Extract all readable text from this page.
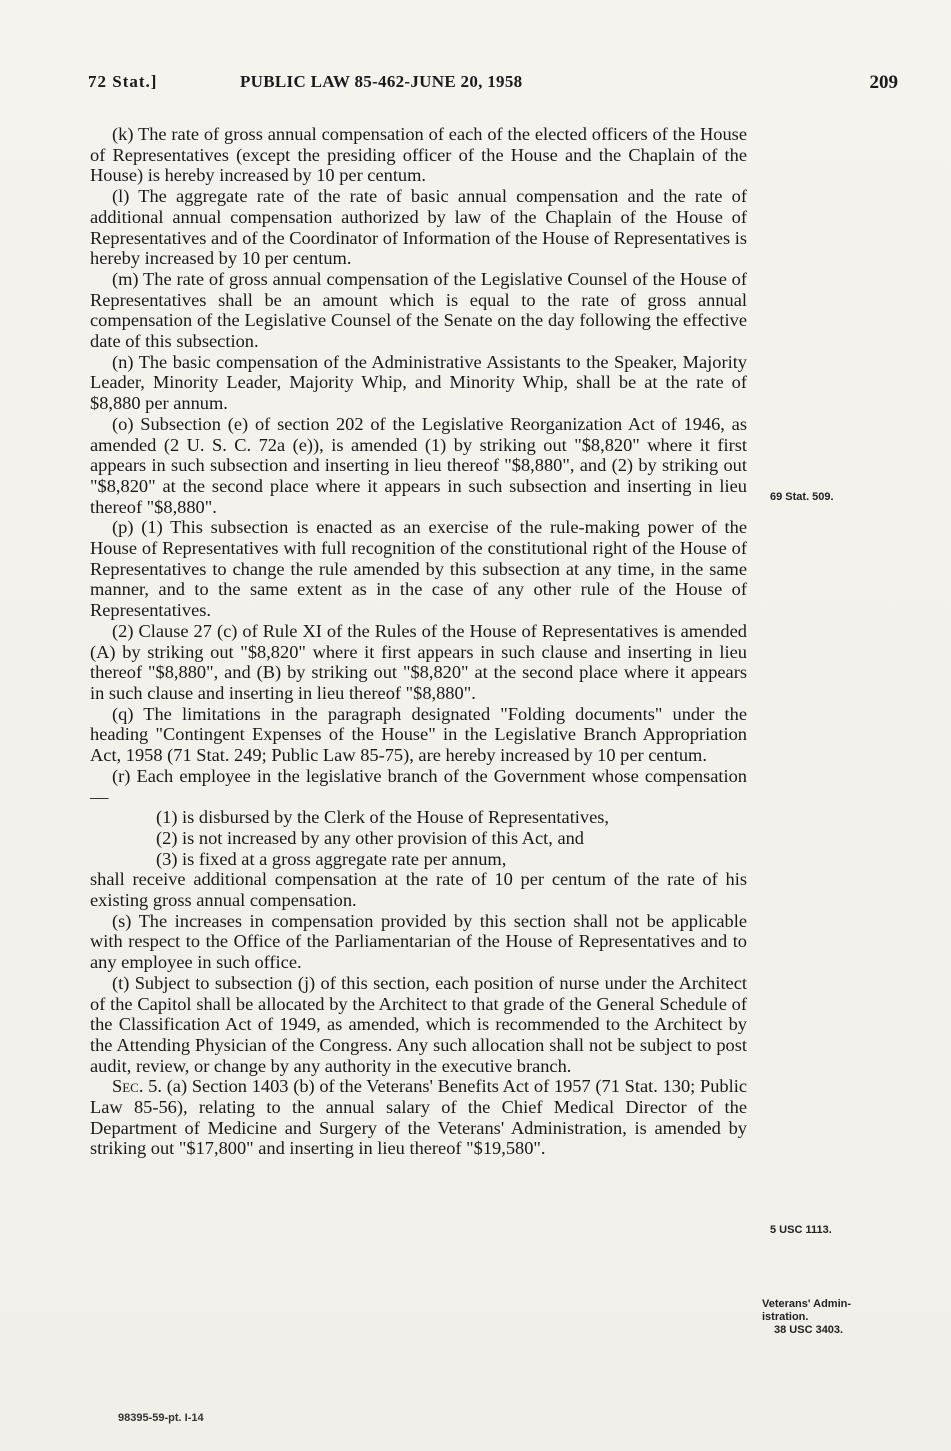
72 Stat.]	PUBLIC LAW 85-462-JUNE 20, 1958	209

(k) The rate of gross annual compensation of each of the elected officers of the House of Representatives (except the presiding officer of the House and the Chaplain of the House) is hereby increased by 10 per centum.

(l) The aggregate rate of the rate of basic annual compensation and the rate of additional annual compensation authorized by law of the Chaplain of the House of Representatives and of the Coordinator of Information of the House of Representatives is hereby increased by 10 per centum.

(m) The rate of gross annual compensation of the Legislative Counsel of the House of Representatives shall be an amount which is equal to the rate of gross annual compensation of the Legislative Counsel of the Senate on the day following the effective date of this subsection.

(n) The basic compensation of the Administrative Assistants to the Speaker, Majority Leader, Minority Leader, Majority Whip, and Minority Whip, shall be at the rate of $8,880 per annum.

(o) Subsection (e) of section 202 of the Legislative Reorganization Act of 1946, as amended (2 U. S. C. 72a (e)), is amended (1) by striking out "$8,820" where it first appears in such subsection and inserting in lieu thereof "$8,880", and (2) by striking out "$8,820" at the second place where it appears in such subsection and inserting in lieu thereof "$8,880".

(p) (1) This subsection is enacted as an exercise of the rule-making power of the House of Representatives with full recognition of the constitutional right of the House of Representatives to change the rule amended by this subsection at any time, in the same manner, and to the same extent as in the case of any other rule of the House of Representatives.

(2) Clause 27 (c) of Rule XI of the Rules of the House of Representatives is amended (A) by striking out "$8,820" where it first appears in such clause and inserting in lieu thereof "$8,880", and (B) by striking out "$8,820" at the second place where it appears in such clause and inserting in lieu thereof "$8,880".

(q) The limitations in the paragraph designated "Folding documents" under the heading "Contingent Expenses of the House" in the Legislative Branch Appropriation Act, 1958 (71 Stat. 249; Public Law 85-75), are hereby increased by 10 per centum.

(r) Each employee in the legislative branch of the Government whose compensation—

(1) is disbursed by the Clerk of the House of Representatives,

(2) is not increased by any other provision of this Act, and

(3) is fixed at a gross aggregate rate per annum,

shall receive additional compensation at the rate of 10 per centum of the rate of his existing gross annual compensation.

(s) The increases in compensation provided by this section shall not be applicable with respect to the Office of the Parliamentarian of the House of Representatives and to any employee in such office.

(t) Subject to subsection (j) of this section, each position of nurse under the Architect of the Capitol shall be allocated by the Architect to that grade of the General Schedule of the Classification Act of 1949, as amended, which is recommended to the Architect by the Attending Physician of the Congress. Any such allocation shall not be subject to post audit, review, or change by any authority in the executive branch.

Sec. 5. (a) Section 1403 (b) of the Veterans' Benefits Act of 1957 (71 Stat. 130; Public Law 85-56), relating to the annual salary of the Chief Medical Director of the Department of Medicine and Surgery of the Veterans' Administration, is amended by striking out "$17,800" and inserting in lieu thereof "$19,580".

69 Stat. 509.
5 USC 1113.
Veterans' Admin-
istration.
38 USC 3403.
98395-59-pt. I-14
